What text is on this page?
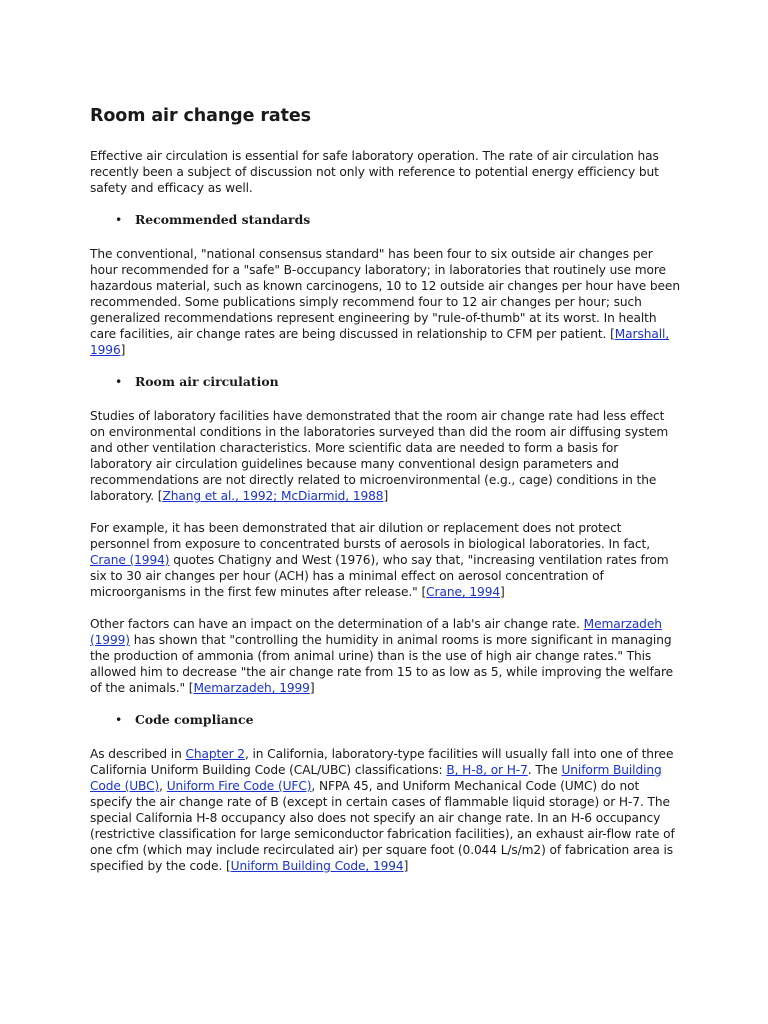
Room air change rates

Effective air circulation is essential for safe laboratory operation. The rate of air circulation has recently been a subject of discussion not only with reference to potential energy efficiency but safety and efficacy as well.

• Recommended standards

The conventional, "national consensus standard" has been four to six outside air changes per hour recommended for a "safe" B-occupancy laboratory; in laboratories that routinely use more hazardous material, such as known carcinogens, 10 to 12 outside air changes per hour have been recommended. Some publications simply recommend four to 12 air changes per hour; such generalized recommendations represent engineering by "rule-of-thumb" at its worst. In health care facilities, air change rates are being discussed in relationship to CFM per patient. [Marshall, 1996]

• Room air circulation

Studies of laboratory facilities have demonstrated that the room air change rate had less effect on environmental conditions in the laboratories surveyed than did the room air diffusing system and other ventilation characteristics. More scientific data are needed to form a basis for laboratory air circulation guidelines because many conventional design parameters and recommendations are not directly related to microenvironmental (e.g., cage) conditions in the laboratory. [Zhang et al., 1992; McDiarmid, 1988]

For example, it has been demonstrated that air dilution or replacement does not protect personnel from exposure to concentrated bursts of aerosols in biological laboratories. In fact, Crane (1994) quotes Chatigny and West (1976), who say that, "increasing ventilation rates from six to 30 air changes per hour (ACH) has a minimal effect on aerosol concentration of microorganisms in the first few minutes after release." [Crane, 1994]

Other factors can have an impact on the determination of a lab's air change rate. Memarzadeh (1999) has shown that "controlling the humidity in animal rooms is more significant in managing the production of ammonia (from animal urine) than is the use of high air change rates." This allowed him to decrease "the air change rate from 15 to as low as 5, while improving the welfare of the animals." [Memarzadeh, 1999]

• Code compliance

As described in Chapter 2, in California, laboratory-type facilities will usually fall into one of three California Uniform Building Code (CAL/UBC) classifications: B, H-8, or H-7. The Uniform Building Code (UBC), Uniform Fire Code (UFC), NFPA 45, and Uniform Mechanical Code (UMC) do not specify the air change rate of B (except in certain cases of flammable liquid storage) or H-7. The special California H-8 occupancy also does not specify an air change rate. In an H-6 occupancy (restrictive classification for large semiconductor fabrication facilities), an exhaust air-flow rate of one cfm (which may include recirculated air) per square foot (0.044 L/s/m2) of fabrication area is specified by the code. [Uniform Building Code, 1994]
